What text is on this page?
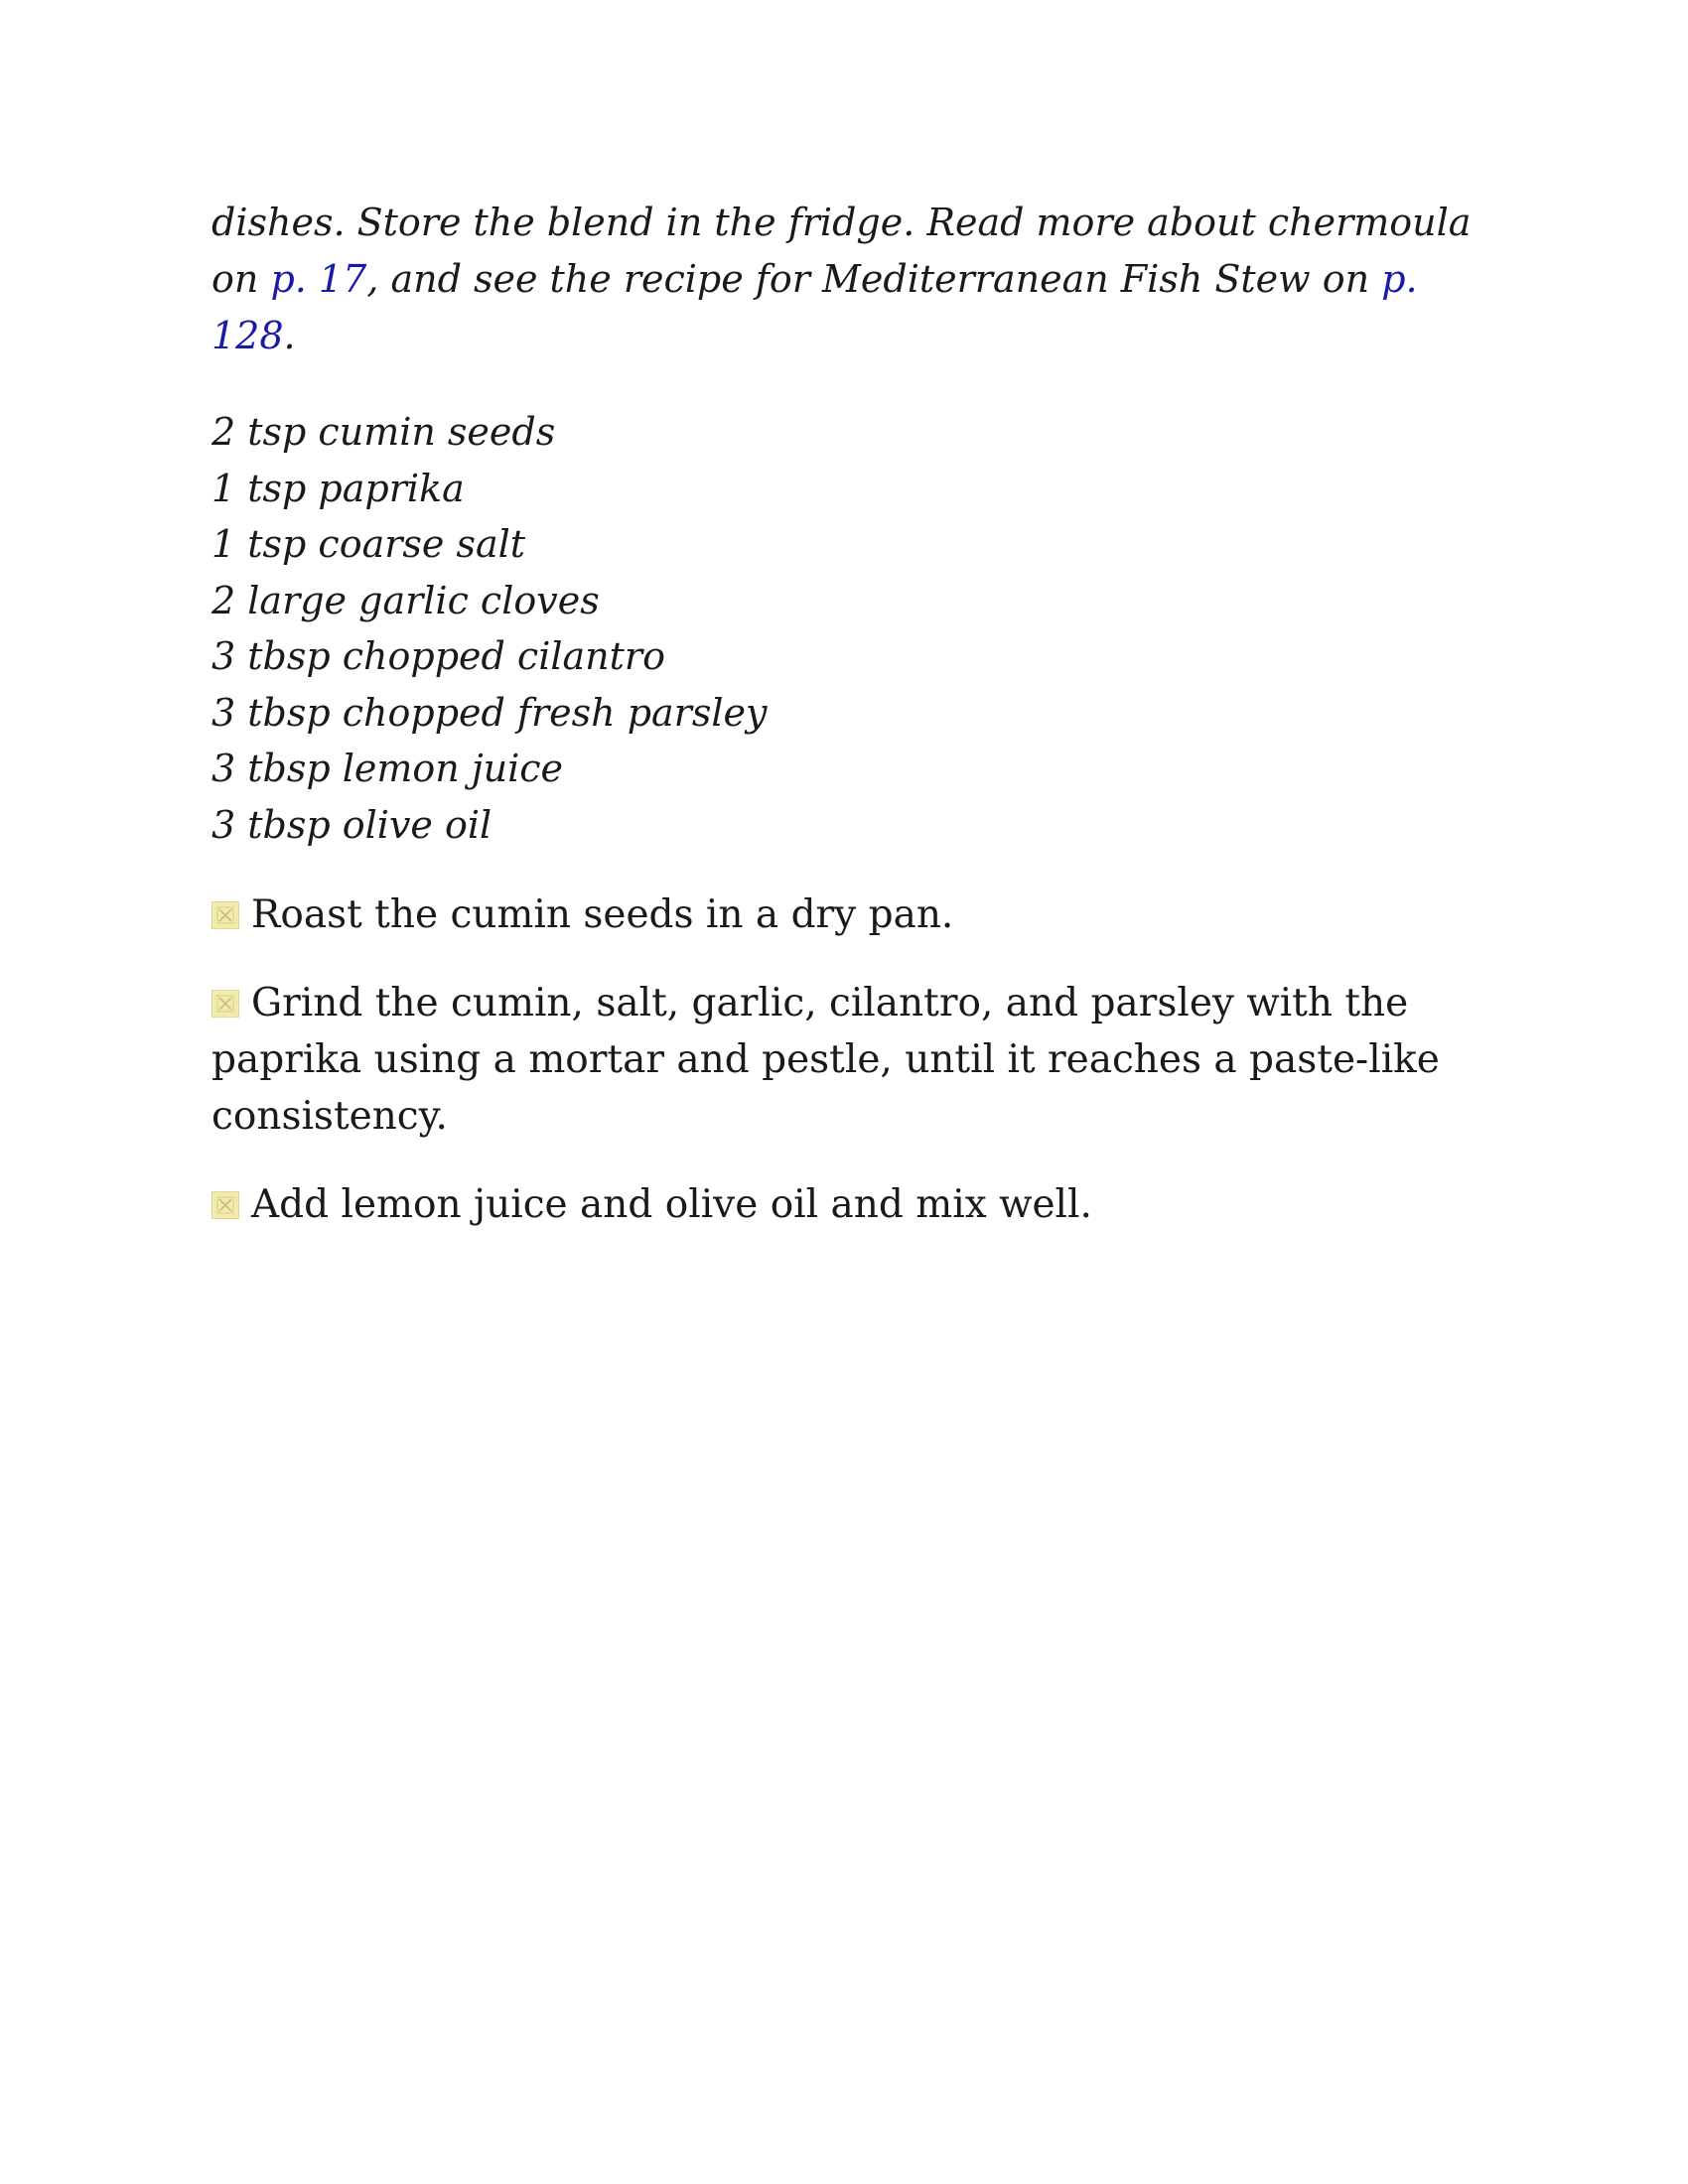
dishes. Store the blend in the fridge. Read more about chermoula on p. 17, and see the recipe for Mediterranean Fish Stew on p. 128.

2 tsp cumin seeds
1 tsp paprika
1 tsp coarse salt
2 large garlic cloves
3 tbsp chopped cilantro
3 tbsp chopped fresh parsley
3 tbsp lemon juice
3 tbsp olive oil

Roast the cumin seeds in a dry pan.

Grind the cumin, salt, garlic, cilantro, and parsley with the paprika using a mortar and pestle, until it reaches a paste-like consistency.

Add lemon juice and olive oil and mix well.
